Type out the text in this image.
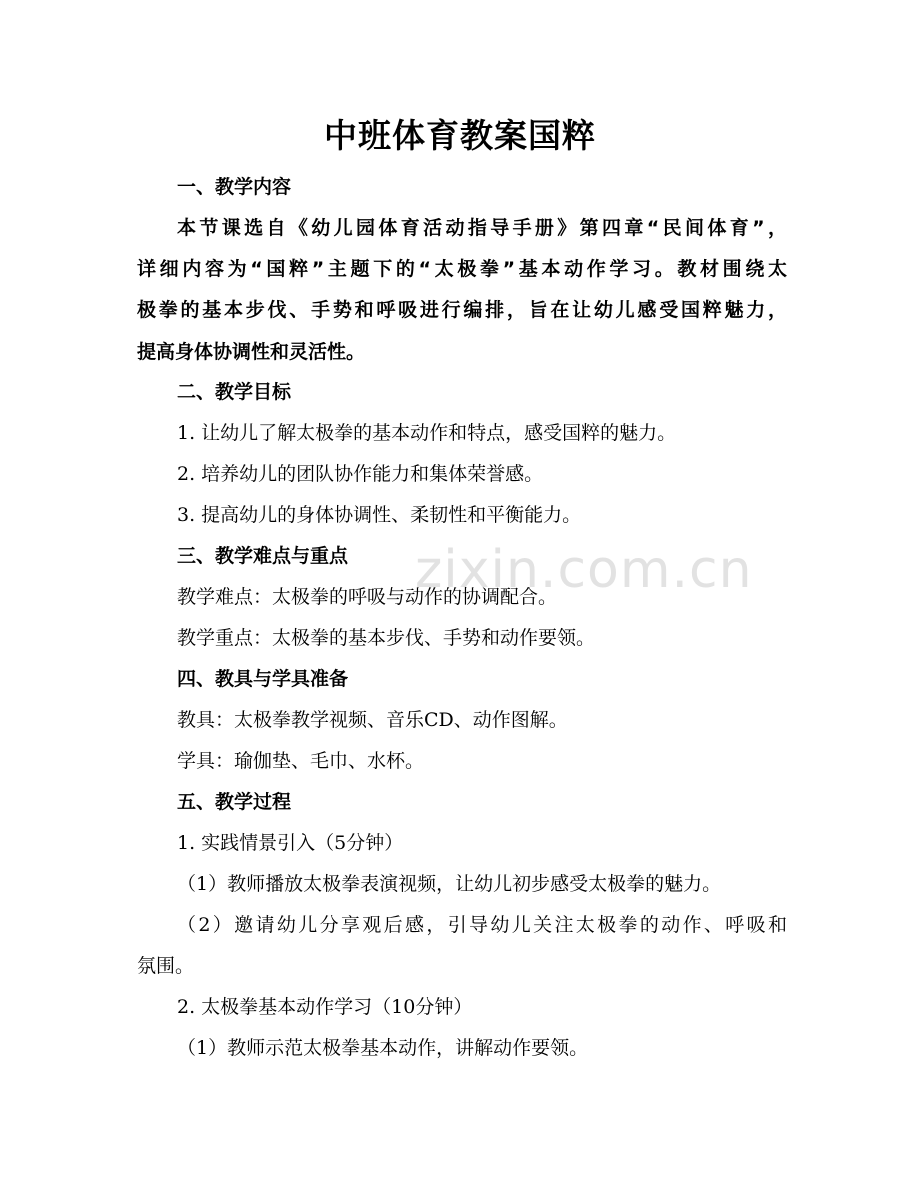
zixin.com.cn
中班体育教案国粹
一、教学内容
本节课选自《幼儿园体育活动指导手册》第四章“民间体育”，
详细内容为“国粹”主题下的“太极拳”基本动作学习。教材围绕太
极拳的基本步伐、手势和呼吸进行编排，旨在让幼儿感受国粹魅力，
提高身体协调性和灵活性。
二、教学目标
1. 让幼儿了解太极拳的基本动作和特点，感受国粹的魅力。
2. 培养幼儿的团队协作能力和集体荣誉感。
3. 提高幼儿的身体协调性、柔韧性和平衡能力。
三、教学难点与重点
教学难点：太极拳的呼吸与动作的协调配合。
教学重点：太极拳的基本步伐、手势和动作要领。
四、教具与学具准备
教具：太极拳教学视频、音乐CD、动作图解。
学具：瑜伽垫、毛巾、水杯。
五、教学过程
1. 实践情景引入（5分钟）
（1）教师播放太极拳表演视频，让幼儿初步感受太极拳的魅力。
（2）邀请幼儿分享观后感，引导幼儿关注太极拳的动作、呼吸和
氛围。
2. 太极拳基本动作学习（10分钟）
（1）教师示范太极拳基本动作，讲解动作要领。
